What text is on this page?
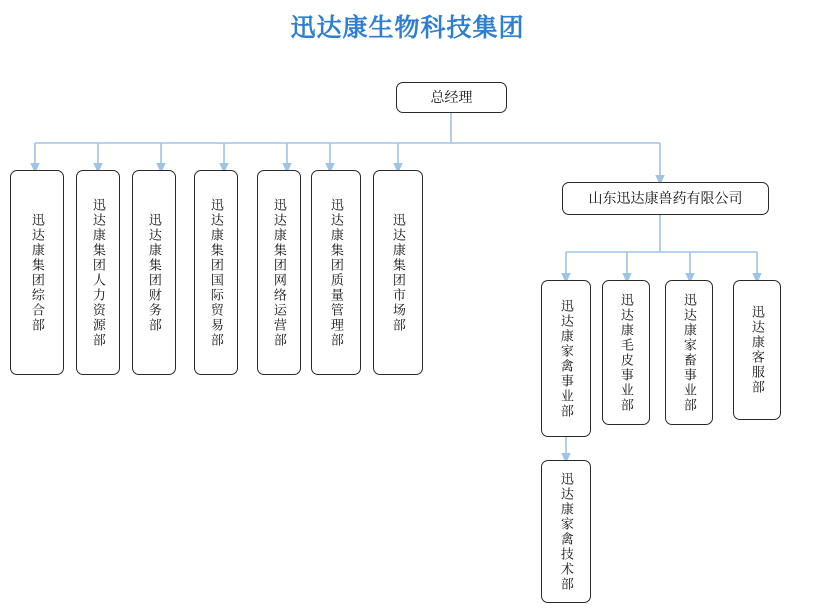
迅达康生物科技集团
总经理
迅达康集团综合部	迅达康集团人力资源部	迅达康集团财务部	迅达康集团国际贸易部	迅达康集团网络运营部	迅达康集团质量管理部	迅达康集团市场部
山东迅达康兽药有限公司
迅达康家禽事业部	迅达康毛皮事业部	迅达康家畜事业部	迅达康客服部
迅达康家禽技术部
